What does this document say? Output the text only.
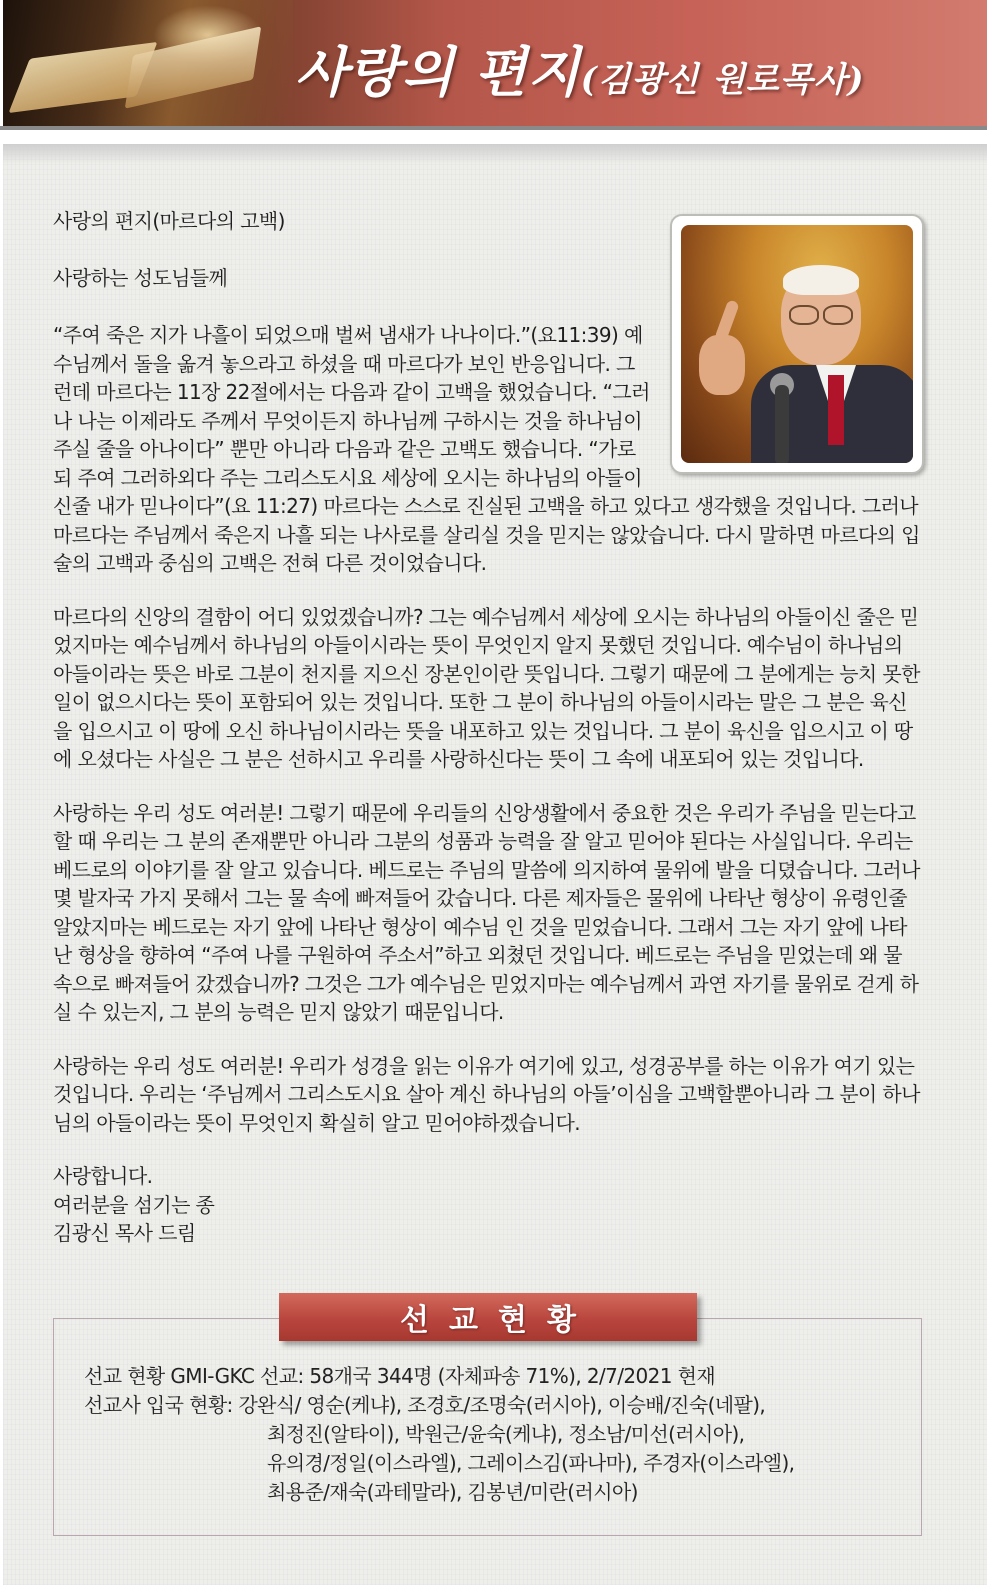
사랑의 편지(김광신 원로목사)

사랑의 편지(마르다의 고백)

사랑하는 성도님들께

“주여 죽은 지가 나흘이 되었으매 벌써 냄새가 나나이다.”(요11:39) 예수님께서 돌을 옮겨 놓으라고 하셨을 때 마르다가 보인 반응입니다. 그런데 마르다는 11장 22절에서는 다음과 같이 고백을 했었습니다. “그러나 나는 이제라도 주께서 무엇이든지 하나님께 구하시는 것을 하나님이 주실 줄을 아나이다” 뿐만 아니라 다음과 같은 고백도 했습니다. “가로되 주여 그러하외다 주는 그리스도시요 세상에 오시는 하나님의 아들이신줄 내가 믿나이다”(요 11:27) 마르다는 스스로 진실된 고백을 하고 있다고 생각했을 것입니다. 그러나 마르다는 주님께서 죽은지 나흘 되는 나사로를 살리실 것을 믿지는 않았습니다. 다시 말하면 마르다의 입술의 고백과 중심의 고백은 전혀 다른 것이었습니다.

마르다의 신앙의 결함이 어디 있었겠습니까? 그는 예수님께서 세상에 오시는 하나님의 아들이신 줄은 믿었지마는 예수님께서 하나님의 아들이시라는 뜻이 무엇인지 알지 못했던 것입니다. 예수님이 하나님의 아들이라는 뜻은 바로 그분이 천지를 지으신 장본인이란 뜻입니다. 그렇기 때문에 그 분에게는 능치 못한 일이 없으시다는 뜻이 포함되어 있는 것입니다. 또한 그 분이 하나님의 아들이시라는 말은 그 분은 육신을 입으시고 이 땅에 오신 하나님이시라는 뜻을 내포하고 있는 것입니다. 그 분이 육신을 입으시고 이 땅에 오셨다는 사실은 그 분은 선하시고 우리를 사랑하신다는 뜻이 그 속에 내포되어 있는 것입니다.

사랑하는 우리 성도 여러분! 그렇기 때문에 우리들의 신앙생활에서 중요한 것은 우리가 주님을 믿는다고 할 때 우리는 그 분의 존재뿐만 아니라 그분의 성품과 능력을 잘 알고 믿어야 된다는 사실입니다. 우리는 베드로의 이야기를 잘 알고 있습니다. 베드로는 주님의 말씀에 의지하여 물위에 발을 디뎠습니다. 그러나 몇 발자국 가지 못해서 그는 물 속에 빠져들어 갔습니다. 다른 제자들은 물위에 나타난 형상이 유령인줄 알았지마는 베드로는 자기 앞에 나타난 형상이 예수님 인 것을 믿었습니다. 그래서 그는 자기 앞에 나타난 형상을 향하여 “주여 나를 구원하여 주소서”하고 외쳤던 것입니다. 베드로는 주님을 믿었는데 왜 물 속으로 빠져들어 갔겠습니까? 그것은 그가 예수님은 믿었지마는 예수님께서 과연 자기를 물위로 걷게 하실 수 있는지, 그 분의 능력은 믿지 않았기 때문입니다.

사랑하는 우리 성도 여러분! 우리가 성경을 읽는 이유가 여기에 있고, 성경공부를 하는 이유가 여기 있는 것입니다. 우리는 ‘주님께서 그리스도시요 살아 계신 하나님의 아들’이심을 고백할뿐아니라 그 분이 하나님의 아들이라는 뜻이 무엇인지 확실히 알고 믿어야하겠습니다.

사랑합니다.

여러분을 섬기는 종

김광신 목사 드림

선교현황
선교 현황 GMI-GKC 선교: 58개국 344명 (자체파송 71%), 2/7/2021 현재
선교사 입국 현황: 강완식/ 영순(케냐), 조경호/조명숙(러시아), 이승배/진숙(네팔),
최정진(알타이), 박원근/윤숙(케냐), 정소남/미선(러시아),
유의경/정일(이스라엘), 그레이스김(파나마), 주경자(이스라엘),
최용준/재숙(과테말라), 김봉년/미란(러시아)
